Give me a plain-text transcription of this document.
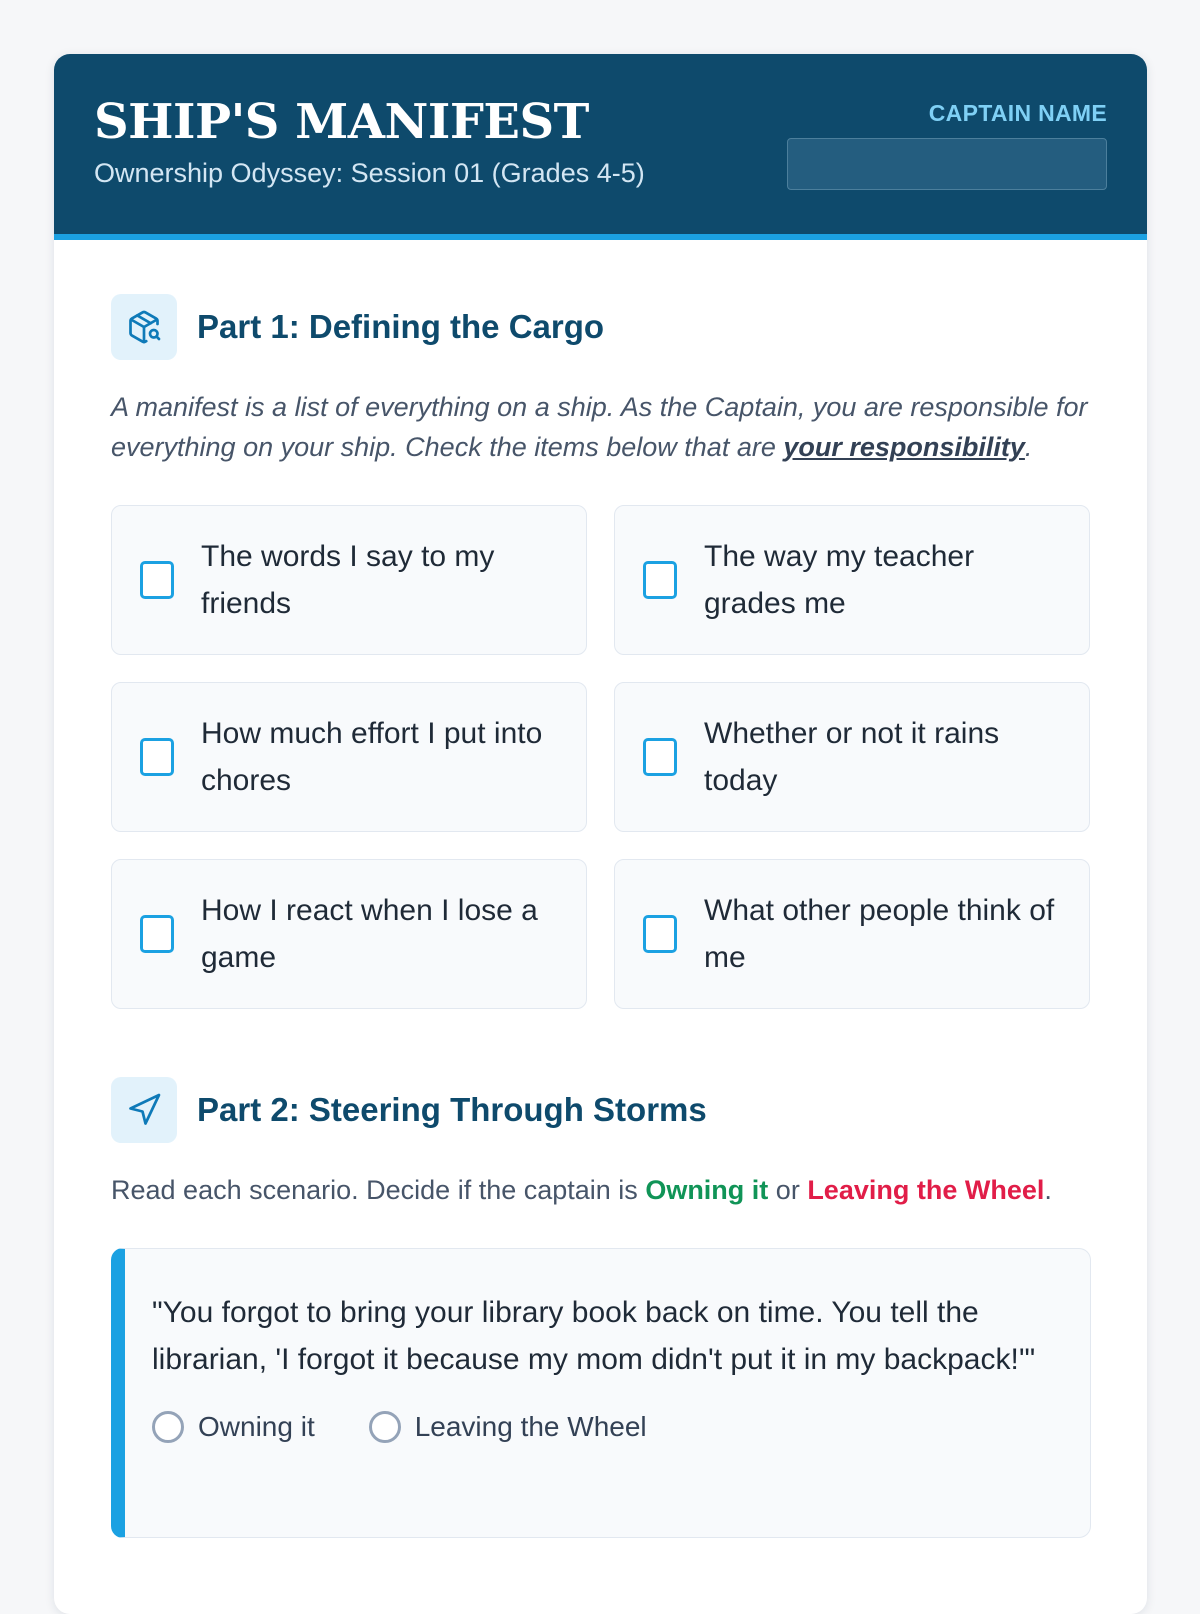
SHIP'S MANIFEST
Ownership Odyssey: Session 01 (Grades 4-5)
CAPTAIN NAME
Part 1: Defining the Cargo

A manifest is a list of everything on a ship. As the Captain, you are responsible for everything on your ship. Check the items below that are your responsibility.

The words I say to my friends
The way my teacher grades me
How much effort I put into chores
Whether or not it rains today
How I react when I lose a game
What other people think of me
Part 2: Steering Through Storms

Read each scenario. Decide if the captain is Owning it or Leaving the Wheel.

"You forgot to bring your library book back on time. You tell the librarian, 'I forgot it because my mom didn't put it in my backpack!'"

Owning it	Leaving the Wheel
